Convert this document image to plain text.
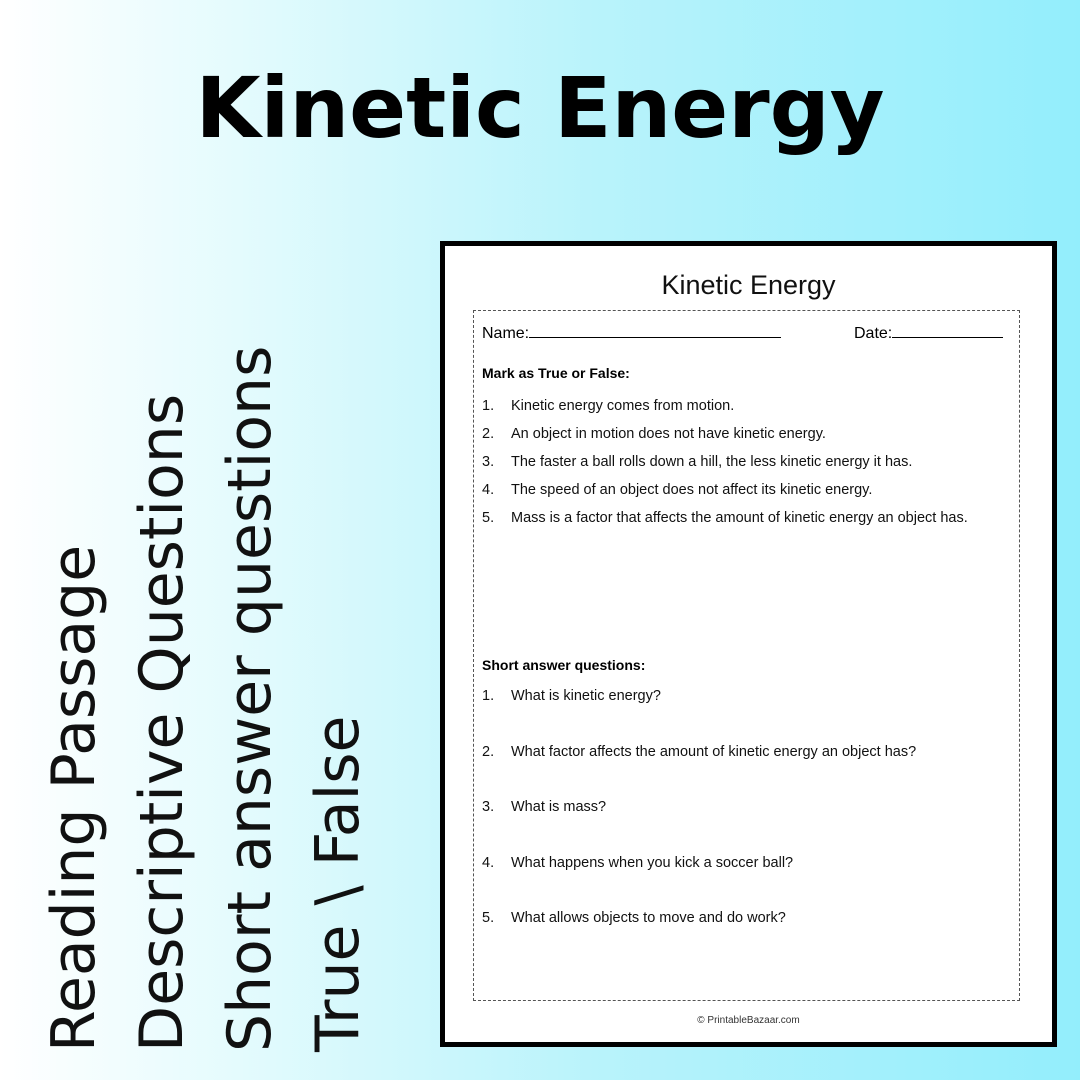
Kinetic Energy
Reading Passage Descriptive Questions Short answer questions True \ False
Kinetic Energy
Name:	Date:
Mark as True or False:
1. Kinetic energy comes from motion.
2. An object in motion does not have kinetic energy.
3. The faster a ball rolls down a hill, the less kinetic energy it has.
4. The speed of an object does not affect its kinetic energy.
5. Mass is a factor that affects the amount of kinetic energy an object has.
Short answer questions:
1. What is kinetic energy?
2. What factor affects the amount of kinetic energy an object has?
3. What is mass?
4. What happens when you kick a soccer ball?
5. What allows objects to move and do work?
© PrintableBazaar.com
